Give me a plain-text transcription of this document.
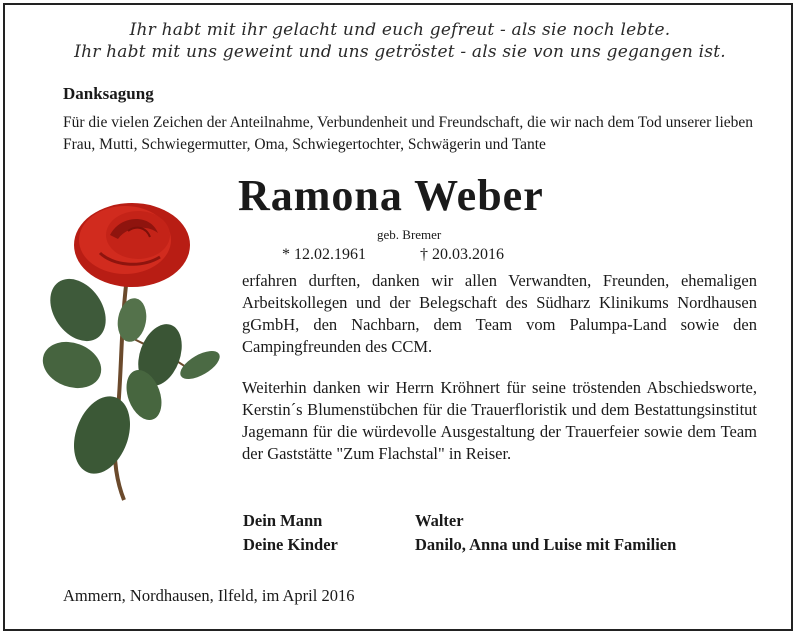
Ihr habt mit ihr gelacht und euch gefreut - als sie noch lebte.
Ihr habt mit uns geweint und uns getröstet - als sie von uns gegangen ist.
Danksagung
Für die vielen Zeichen der Anteilnahme, Verbundenheit und Freundschaft, die wir nach dem Tod unserer lieben Frau, Mutti, Schwiegermutter, Oma, Schwiegertochter, Schwägerin und Tante
Ramona Weber
geb. Bremer
* 12.02.1961	† 20.03.2016
erfahren durften, danken wir allen Verwandten, Freunden, ehemaligen Arbeitskollegen und der Belegschaft des Südharz Klinikums Nordhausen gGmbH, den Nachbarn, dem Team vom Palumpa-Land sowie den Campingfreunden des CCM.
Weiterhin danken wir Herrn Kröhnert für seine tröstenden Abschiedsworte, Kerstin´s Blumenstübchen für die Trauerfloristik und dem Bestattungsinstitut Jagemann für die würdevolle Ausgestaltung der Trauerfeier sowie dem Team der Gaststätte "Zum Flachstal" in Reiser.
Dein Mann	Walter
Deine Kinder	Danilo, Anna und Luise mit Familien
Ammern, Nordhausen, Ilfeld, im April 2016
